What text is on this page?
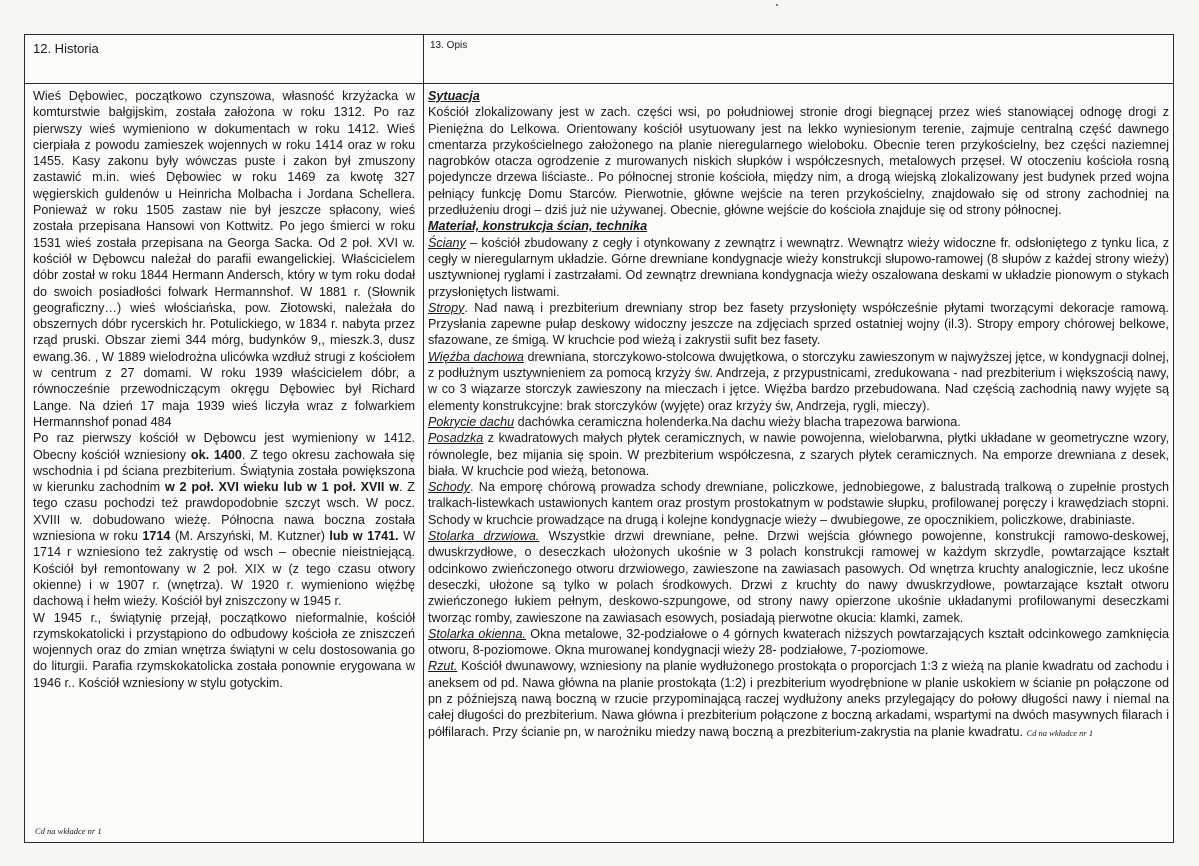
12. Historia	13. Opis

Wieś Dębowiec, początkowo czynszowa, własność krzyżacka w komturstwie bałgijskim, została założona w roku 1312. Po raz pierwszy wieś wymieniono w dokumentach w roku 1412. Wieś cierpiała z powodu zamieszek wojennych w roku 1414 oraz w roku 1455. Kasy zakonu były wówczas puste i zakon był zmuszony zastawić m.in. wieś Dębowiec w roku 1469 za kwotę 327 węgierskich guldenów u Heinricha Molbacha i Jordana Schellera. Ponieważ w roku 1505 zastaw nie był jeszcze spłacony, wieś została przepisana Hansowi von Kottwitz. Po jego śmierci w roku 1531 wieś została przepisana na Georga Sacka. Od 2 poł. XVI w. kościół w Dębowcu należał do parafii ewangelickiej. Właścicielem dóbr został w roku 1844 Hermann Andersch, który w tym roku dodał do swoich posiadłości folwark Hermannshof. W 1881 r. (Słownik geograficzny…) wieś włościańska, pow. Złotowski, należała do obszernych dóbr rycerskich hr. Potulickiego, w 1834 r. nabyta przez rząd pruski. Obszar ziemi 344 mórg, budynków 9,, mieszk.3, dusz ewang.36. , W 1889 wielodrożna ulicówka wzdłuż strugi z kościołem w centrum z 27 domami. W roku 1939 właścicielem dóbr, a równocześnie przewodniczącym okręgu Dębowiec był Richard Lange. Na dzień 17 maja 1939 wieś liczyła wraz z folwarkiem Hermannshof ponad 484

Po raz pierwszy kościół w Dębowcu jest wymieniony w 1412. Obecny kościół wzniesiony ok. 1400. Z tego okresu zachowała się wschodnia i pd ściana prezbiterium. Świątynia została powiększona w kierunku zachodnim w 2 poł. XVI wieku lub w 1 poł. XVII w. Z tego czasu pochodzi też prawdopodobnie szczyt wsch. W pocz. XVIII w. dobudowano wieżę. Północna nawa boczna została wzniesiona w roku 1714 (M. Arszyński, M. Kutzner) lub w 1741. W 1714 r wzniesiono też zakrystię od wsch – obecnie nieistniejącą. Kościół był remontowany w 2 poł. XIX w (z tego czasu otwory okienne) i w 1907 r. (wnętrza). W 1920 r. wymieniono więźbę dachową i hełm wieży. Kościół był zniszczony w 1945 r.

W 1945 r., świątynię przejął, początkowo nieformalnie, kościół rzymskokatolicki i przystąpiono do odbudowy kościoła ze zniszczeń wojennych oraz do zmian wnętrza świątyni w celu dostosowania go do liturgii. Parafia rzymskokatolicka została ponownie erygowana w 1946 r.. Kościół wzniesiony w stylu gotyckim.

Cd na wkładce nr 1

Sytuacja

Kościół zlokalizowany jest w zach. części wsi, po południowej stronie drogi biegnącej przez wieś stanowiącej odnogę drogi z Pieniężna do Lelkowa. Orientowany kościół usytuowany jest na lekko wyniesionym terenie, zajmuje centralną część dawnego cmentarza przykościelnego założonego na planie nieregularnego wieloboku. Obecnie teren przykościelny, bez części naziemnej nagrobków otacza ogrodzenie z murowanych niskich słupków i współczesnych, metalowych przęseł. W otoczeniu kościoła rosną pojedyncze drzewa liściaste.. Po północnej stronie kościoła, między nim, a drogą wiejską zlokalizowany jest budynek przed wojna pełniący funkcję Domu Starców. Pierwotnie, główne wejście na teren przykościelny, znajdowało się od strony zachodniej na przedłużeniu drogi – dziś już nie używanej. Obecnie, główne wejście do kościoła znajduje się od strony północnej.

Materiał, konstrukcja ścian, technika

Ściany – kościół zbudowany z cegły i otynkowany z zewnątrz i wewnątrz. Wewnątrz wieży widoczne fr. odsłoniętego z tynku lica, z cegły w nieregularnym układzie. Górne drewniane kondygnacje wieży konstrukcji słupowo-ramowej (8 słupów z każdej strony wieży) usztywnionej ryglami i zastrzałami. Od zewnątrz drewniana kondygnacja wieży oszalowana deskami w układzie pionowym o stykach przysłoniętych listwami.

Stropy. Nad nawą i prezbiterium drewniany strop bez fasety przysłonięty współcześnie płytami tworzącymi dekoracje ramową. Przysłania zapewne pułap deskowy widoczny jeszcze na zdjęciach sprzed ostatniej wojny (il.3). Stropy empory chórowej belkowe, sfazowane, ze śmigą. W kruchcie pod wieżą i zakrystii sufit bez fasety.

Więźba dachowa drewniana, storczykowo-stolcowa dwujętkowa, o storczyku zawieszonym w najwyższej jętce, w kondygnacji dolnej, z podłużnym usztywnieniem za pomocą krzyży św. Andrzeja, z przypustnicami, zredukowana - nad prezbiterium i większością nawy, w co 3 wiązarze storczyk zawieszony na mieczach i jętce. Więźba bardzo przebudowana. Nad częścią zachodnią nawy wyjęte są elementy konstrukcyjne: brak storczyków (wyjęte) oraz krzyży św, Andrzeja, rygli, mieczy).

Pokrycie dachu dachówka ceramiczna holenderka.Na dachu wieży blacha trapezowa barwiona.

Posadzka z kwadratowych małych płytek ceramicznych, w nawie powojenna, wielobarwna, płytki układane w geometryczne wzory, równolegle, bez mijania się spoin. W prezbiterium współczesna, z szarych płytek ceramicznych. Na emporze drewniana z desek, biała. W kruchcie pod wieżą, betonowa.

Schody. Na emporę chórową prowadza schody drewniane, policzkowe, jednobiegowe, z balustradą tralkową o zupełnie prostych tralkach-listewkach ustawionych kantem oraz prostym prostokatnym w podstawie słupku, profilowanej poręczy i krawędziach stopni. Schody w kruchcie prowadzące na drugą i kolejne kondygnacje wieży – dwubiegowe, ze opocznikiem, policzkowe, drabiniaste.

Stolarka drzwiowa. Wszystkie drzwi drewniane, pełne. Drzwi wejścia głównego powojenne, konstrukcji ramowo-deskowej, dwuskrzydłowe, o deseczkach ułożonych ukośnie w 3 polach konstrukcji ramowej w każdym skrzydle, powtarzające kształt odcinkowo zwieńczonego otworu drzwiowego, zawieszone na zawiasach pasowych. Od wnętrza kruchty analogicznie, lecz ukośne deseczki, ułożone są tylko w polach środkowych. Drzwi z kruchty do nawy dwuskrzydłowe, powtarzające kształt otworu zwieńczonego łukiem pełnym, deskowo-szpungowe, od strony nawy opierzone ukośnie układanymi profilowanymi deseczkami tworząc romby, zawieszone na zawiasach esowych, posiadają pierwotne okucia: klamki, zamek.

Stolarka okienna. Okna metalowe, 32-podziałowe o 4 górnych kwaterach niższych powtarzających kształt odcinkowego zamknięcia otworu, 8-poziomowe. Okna murowanej kondygnacji wieży 28- podziałowe, 7-poziomowe.

Rzut. Kościół dwunawowy, wzniesiony na planie wydłużonego prostokąta o proporcjach 1:3 z wieżą na planie kwadratu od zachodu i aneksem od pd. Nawa główna na planie prostokąta (1:2) i prezbiterium wyodrębnione w planie uskokiem w ścianie pn połączone od pn z późniejszą nawą boczną w rzucie przypominającą raczej wydłużony aneks przylegający do połowy długości nawy i niemal na całej długości do prezbiterium. Nawa główna i prezbiterium połączone z boczną arkadami, wspartymi na dwóch masywnych filarach i półfilarach. Przy ścianie pn, w narożniku miedzy nawą boczną a prezbiterium-zakrystia na planie kwadratu. Cd na wkładce nr 1
